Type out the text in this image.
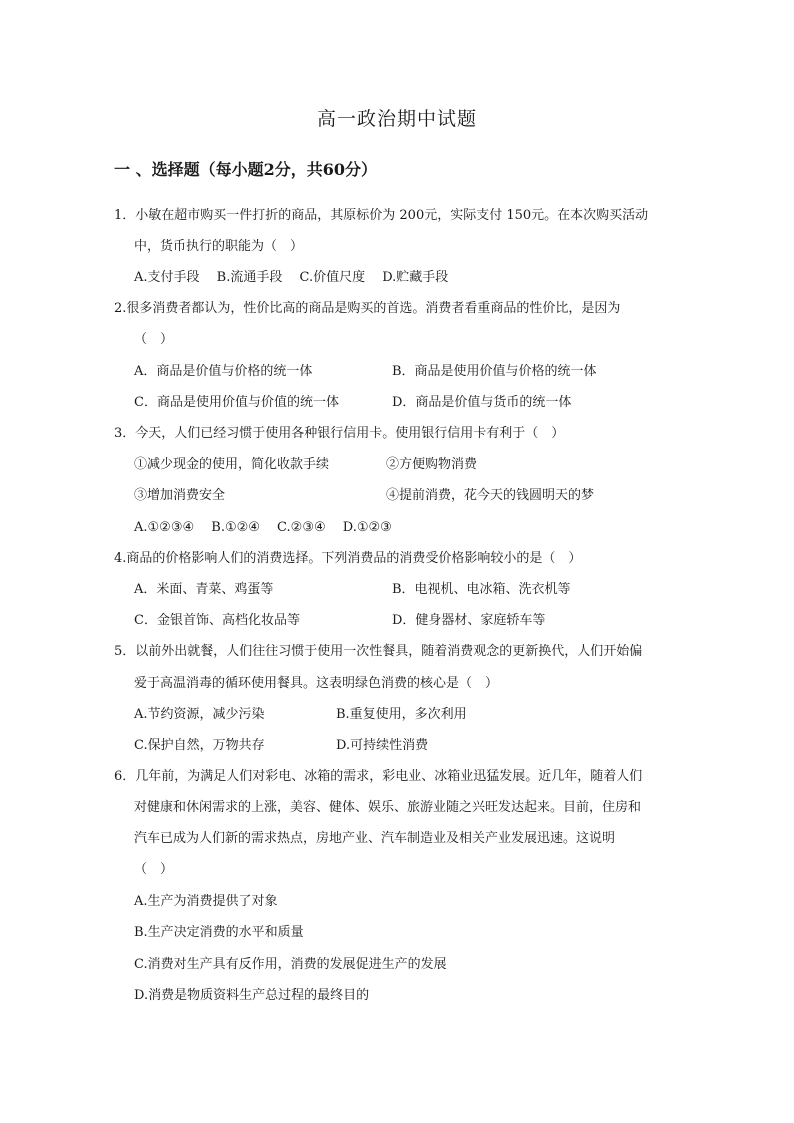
高一政治期中试题
一 、选择题（每小题2分，共60分）
1．小敏在超市购买一件打折的商品，其原标价为 200元，实际支付 150元。在本次购买活动
中，货币执行的职能为（　）
A.支付手段　 B.流通手段　 C.价值尺度　 D.贮藏手段
2.很多消费者都认为，性价比高的商品是购买的首选。消费者看重商品的性价比，是因为
（　）
A．商品是价值与价格的统一体	B．商品是使用价值与价格的统一体
C．商品是使用价值与价值的统一体	D．商品是价值与货币的统一体
3．今天，人们已经习惯于使用各种银行信用卡。使用银行信用卡有利于（　）
①减少现金的使用，简化收款手续	②方便购物消费
③增加消费安全	④提前消费，花今天的钱圆明天的梦
A.①②③④　 B.①②④　 C.②③④　 D.①②③
4.商品的价格影响人们的消费选择。下列消费品的消费受价格影响较小的是（　）
A．米面、青菜、鸡蛋等	B．电视机、电冰箱、洗衣机等
C．金银首饰、高档化妆品等	D．健身器材、家庭轿车等
5．以前外出就餐，人们往往习惯于使用一次性餐具，随着消费观念的更新换代，人们开始偏
爱于高温消毒的循环使用餐具。这表明绿色消费的核心是（　）
A.节约资源，减少污染	B.重复使用，多次利用
C.保护自然，万物共存	D.可持续性消费
6．几年前，为满足人们对彩电、冰箱的需求，彩电业、冰箱业迅猛发展。近几年，随着人们
对健康和休闲需求的上涨，美容、健体、娱乐、旅游业随之兴旺发达起来。目前，住房和
汽车已成为人们新的需求热点，房地产业、汽车制造业及相关产业发展迅速。这说明
（　）
A.生产为消费提供了对象
B.生产决定消费的水平和质量
C.消费对生产具有反作用，消费的发展促进生产的发展
D.消费是物质资料生产总过程的最终目的
